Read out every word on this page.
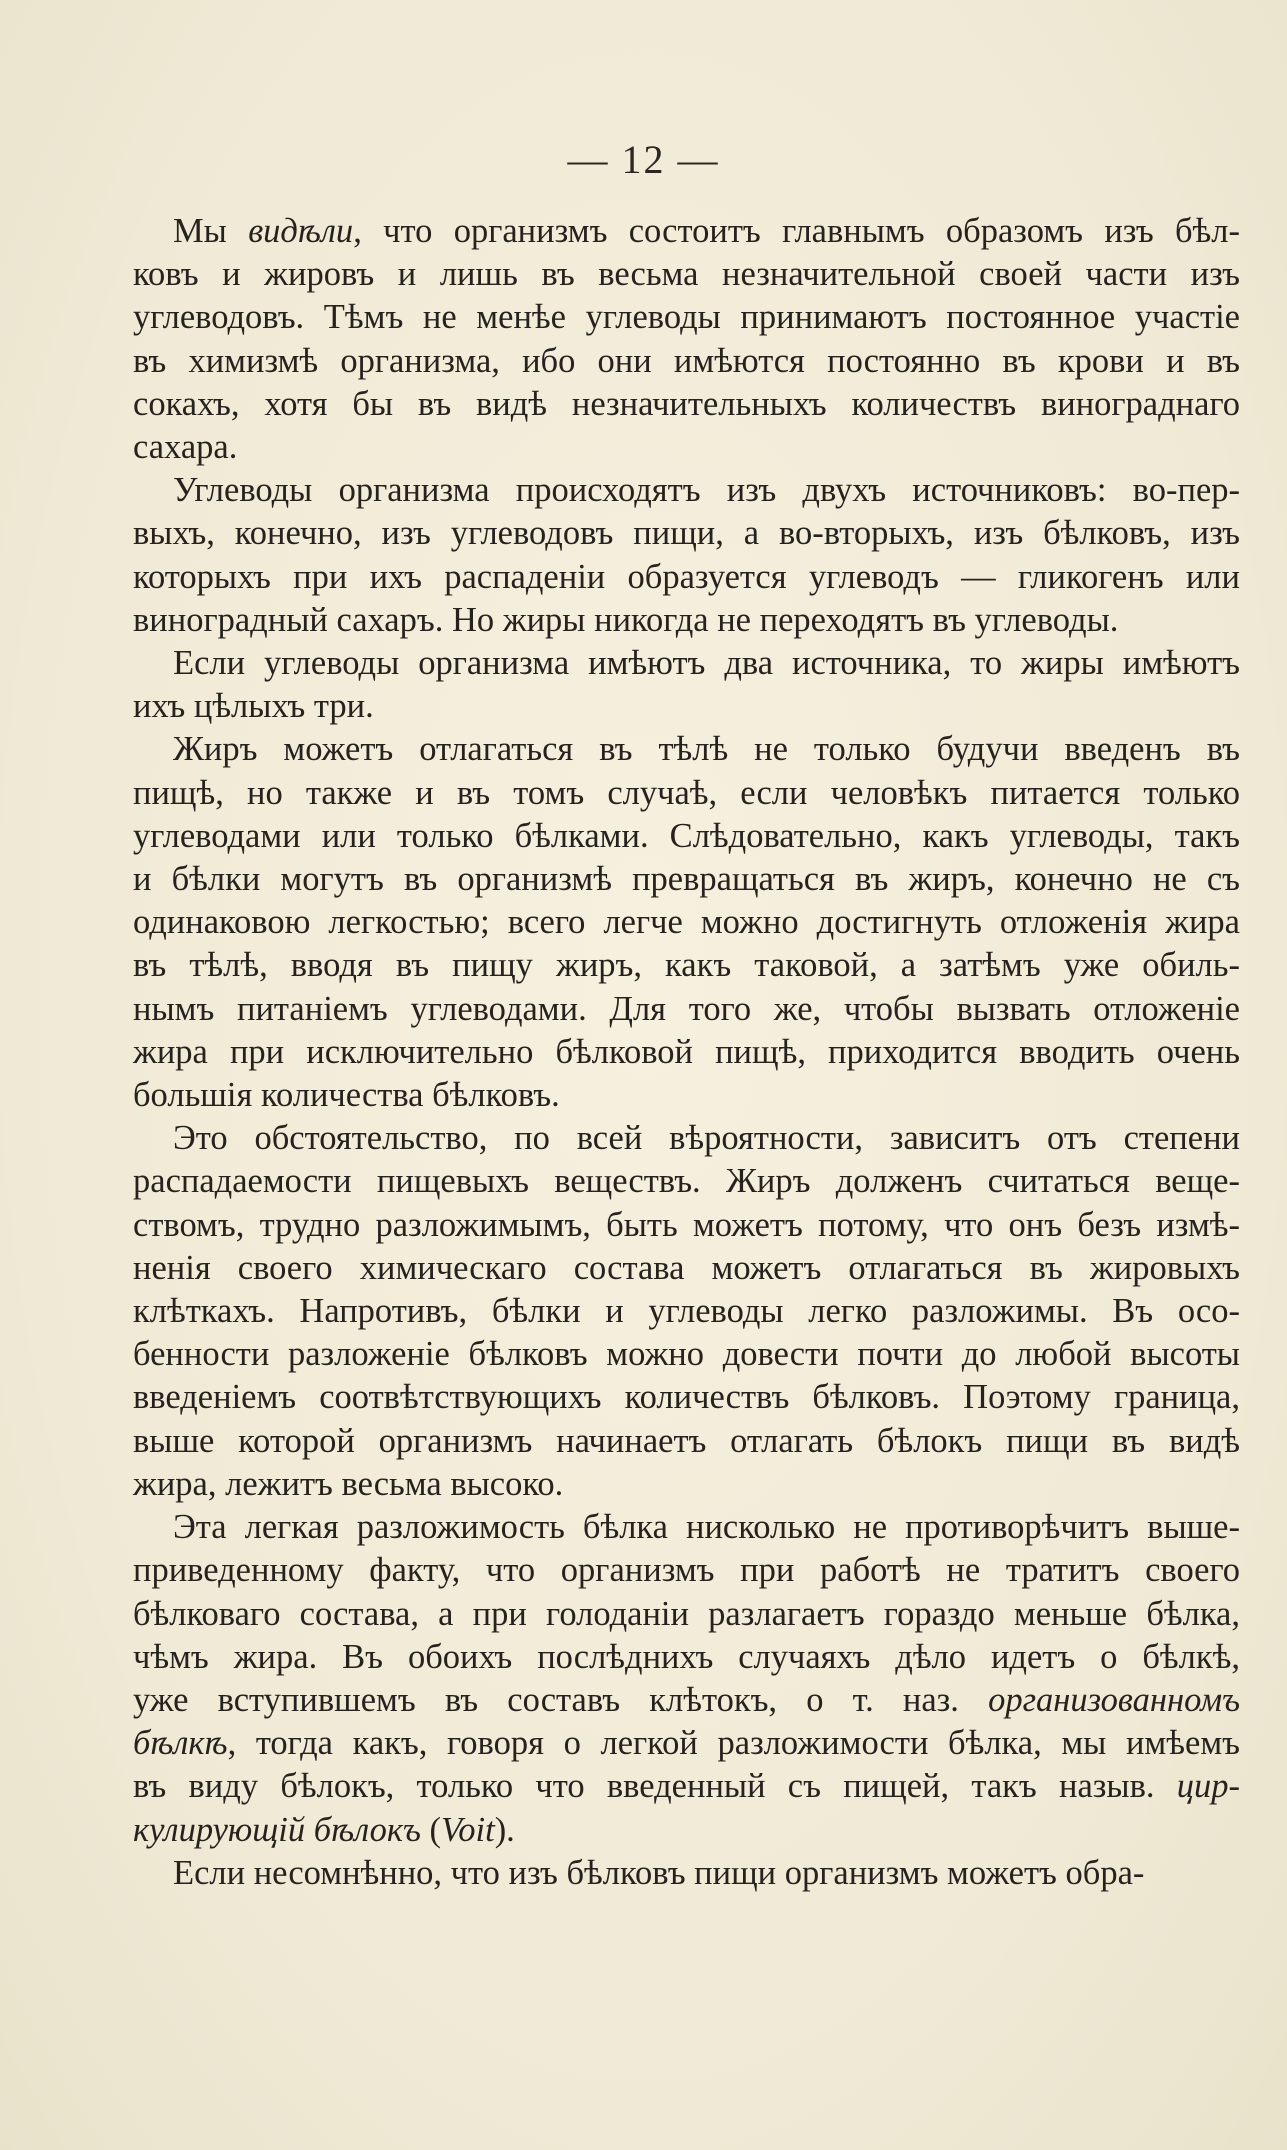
— 12 —

Мы видѣли, что организмъ состоитъ главнымъ образомъ изъ бѣл-
ковъ и жировъ и лишь въ весьма незначительной своей части изъ
углеводовъ. Тѣмъ не менѣе углеводы принимаютъ постоянное участіе
въ химизмѣ организма, ибо они имѣются постоянно въ крови и въ
сокахъ, хотя бы въ видѣ незначительныхъ количествъ винограднаго
сахара.

Углеводы организма происходятъ изъ двухъ источниковъ: во-пер-
выхъ, конечно, изъ углеводовъ пищи, а во-вторыхъ, изъ бѣлковъ, изъ
которыхъ при ихъ распаденіи образуется углеводъ — гликогенъ или
виноградный сахаръ. Но жиры никогда не переходятъ въ углеводы.

Если углеводы организма имѣютъ два источника, то жиры имѣютъ
ихъ цѣлыхъ три.

Жиръ можетъ отлагаться въ тѣлѣ не только будучи введенъ въ
пищѣ, но также и въ томъ случаѣ, если человѣкъ питается только
углеводами или только бѣлками. Слѣдовательно, какъ углеводы, такъ
и бѣлки могутъ въ организмѣ превращаться въ жиръ, конечно не съ
одинаковою легкостью; всего легче можно достигнуть отложенія жира
въ тѣлѣ, вводя въ пищу жиръ, какъ таковой, а затѣмъ уже обиль-
нымъ питаніемъ углеводами. Для того же, чтобы вызвать отложеніе
жира при исключительно бѣлковой пищѣ, приходится вводить очень
большія количества бѣлковъ.

Это обстоятельство, по всей вѣроятности, зависитъ отъ степени
распадаемости пищевыхъ веществъ. Жиръ долженъ считаться веще-
ствомъ, трудно разложимымъ, быть можетъ потому, что онъ безъ измѣ-
ненія своего химическаго состава можетъ отлагаться въ жировыхъ
клѣткахъ. Напротивъ, бѣлки и углеводы легко разложимы. Въ осо-
бенности разложеніе бѣлковъ можно довести почти до любой высоты
введеніемъ соотвѣтствующихъ количествъ бѣлковъ. Поэтому граница,
выше которой организмъ начинаетъ отлагать бѣлокъ пищи въ видѣ
жира, лежитъ весьма высоко.

Эта легкая разложимость бѣлка нисколько не противорѣчитъ выше-
приведенному факту, что организмъ при работѣ не тратитъ своего
бѣлковаго состава, а при голоданіи разлагаетъ гораздо меньше бѣлка,
чѣмъ жира. Въ обоихъ послѣднихъ случаяхъ дѣло идетъ о бѣлкѣ,
уже вступившемъ въ составъ клѣтокъ, о т. наз. организованномъ
бѣлкѣ, тогда какъ, говоря о легкой разложимости бѣлка, мы имѣемъ
въ виду бѣлокъ, только что введенный съ пищей, такъ назыв. цир-
кулирующій бѣлокъ (Voit).

Если несомнѣнно, что изъ бѣлковъ пищи организмъ можетъ обра-
